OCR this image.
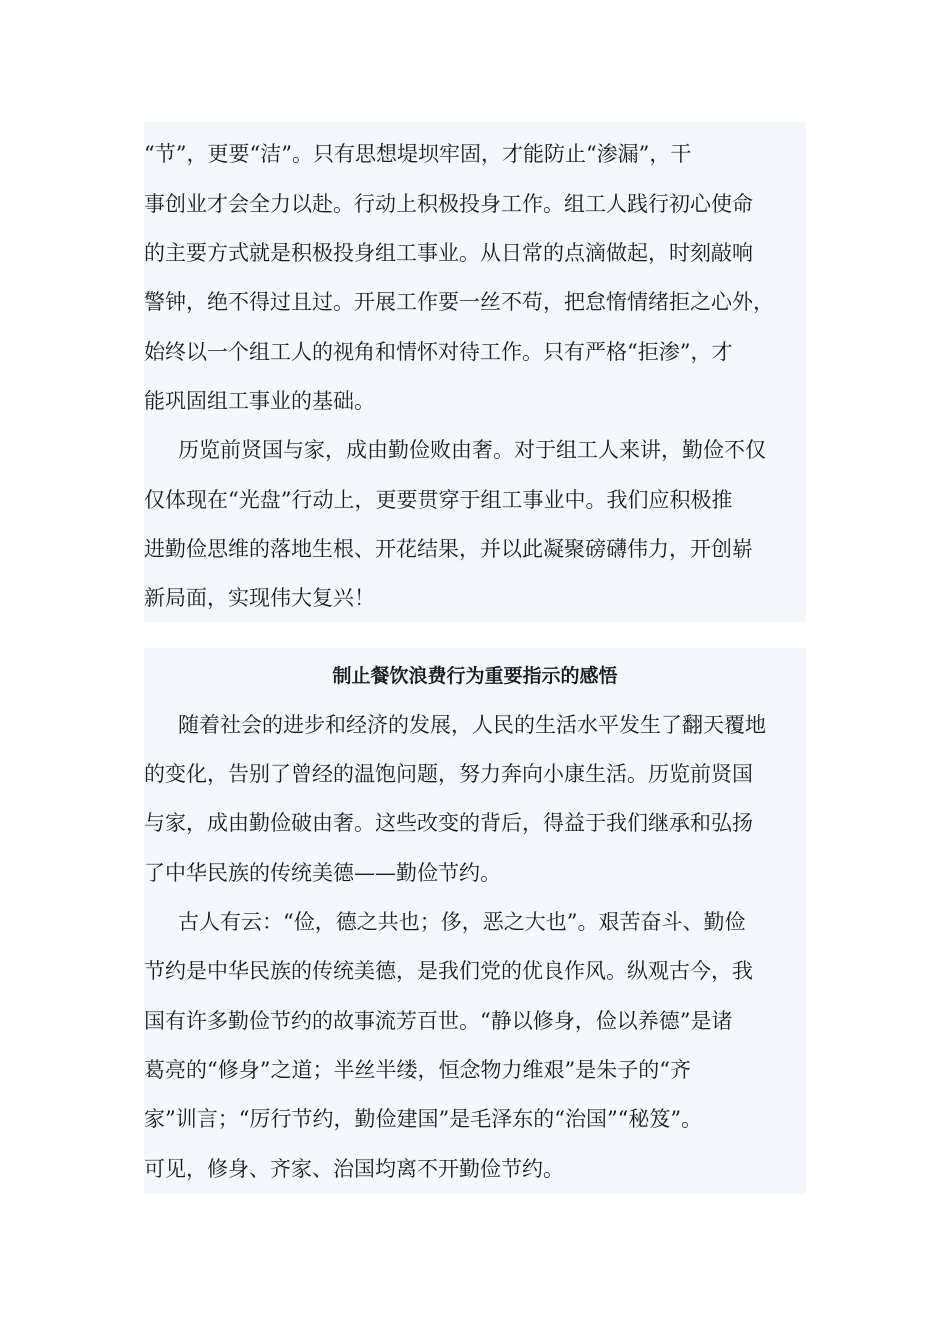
“节”，更要“洁”。只有思想堤坝牢固，才能防止“渗漏”，干
事创业才会全力以赴。行动上积极投身工作。组工人践行初心使命
的主要方式就是积极投身组工事业。从日常的点滴做起，时刻敲响
警钟，绝不得过且过。开展工作要一丝不苟，把怠惰情绪拒之心外，
始终以一个组工人的视角和情怀对待工作。只有严格“拒渗”，才
能巩固组工事业的基础。
历览前贤国与家，成由勤俭败由奢。对于组工人来讲，勤俭不仅
仅体现在“光盘”行动上，更要贯穿于组工事业中。我们应积极推
进勤俭思维的落地生根、开花结果，并以此凝聚磅礴伟力，开创崭
新局面，实现伟大复兴！
制止餐饮浪费行为重要指示的感悟
随着社会的进步和经济的发展，人民的生活水平发生了翻天覆地
的变化，告别了曾经的温饱问题，努力奔向小康生活。历览前贤国
与家，成由勤俭破由奢。这些改变的背后，得益于我们继承和弘扬
了中华民族的传统美德——勤俭节约。
古人有云：“俭，德之共也；侈，恶之大也”。艰苦奋斗、勤俭
节约是中华民族的传统美德，是我们党的优良作风。纵观古今，我
国有许多勤俭节约的故事流芳百世。“静以修身，俭以养德”是诸
葛亮的“修身”之道；半丝半缕，恒念物力维艰”是朱子的“齐
家”训言；“厉行节约，勤俭建国”是毛泽东的“治国”“秘笈”。
可见，修身、齐家、治国均离不开勤俭节约。
